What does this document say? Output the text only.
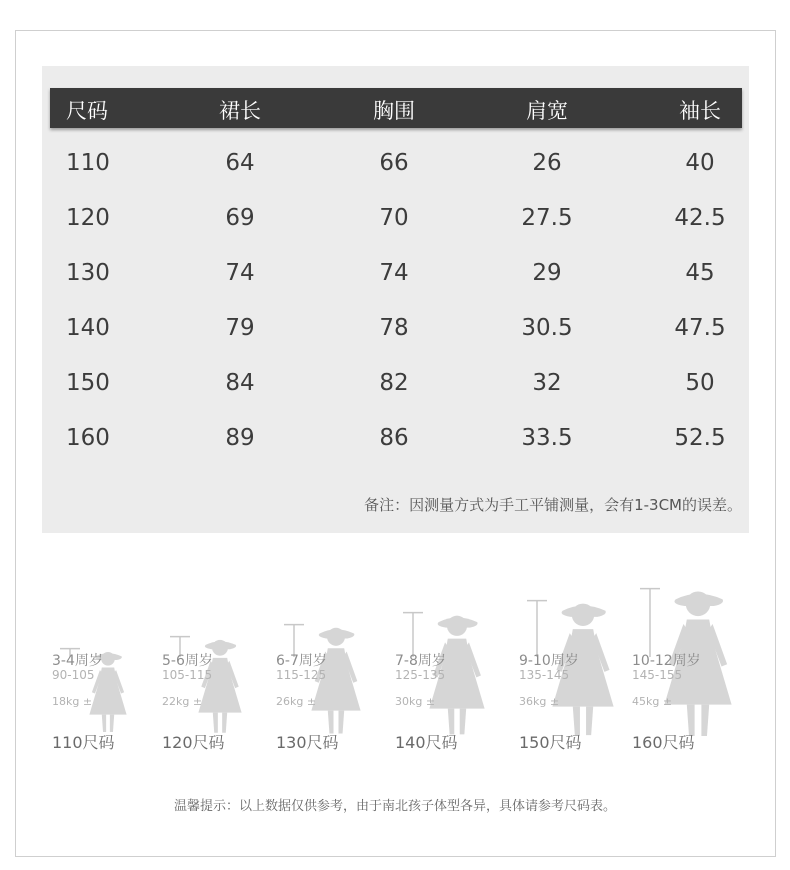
尺码	裙长	胸围	肩宽	袖长
110	64	66	26	40
120	69	70	27.5	42.5
130	74	74	29	45
140	79	78	30.5	47.5
150	84	82	32	50
160	89	86	33.5	52.5
备注：因测量方式为手工平铺测量，会有1-3CM的误差。
3-4周岁
90-105
18kg ±
110尺码
5-6周岁
105-115
22kg ±
120尺码
6-7周岁
115-125
26kg ±
130尺码
7-8周岁
125-135
30kg ±
140尺码
9-10周岁
135-145
36kg ±
150尺码
10-12周岁
145-155
45kg ±
160尺码
温馨提示：以上数据仅供参考，由于南北孩子体型各异，具体请参考尺码表。
